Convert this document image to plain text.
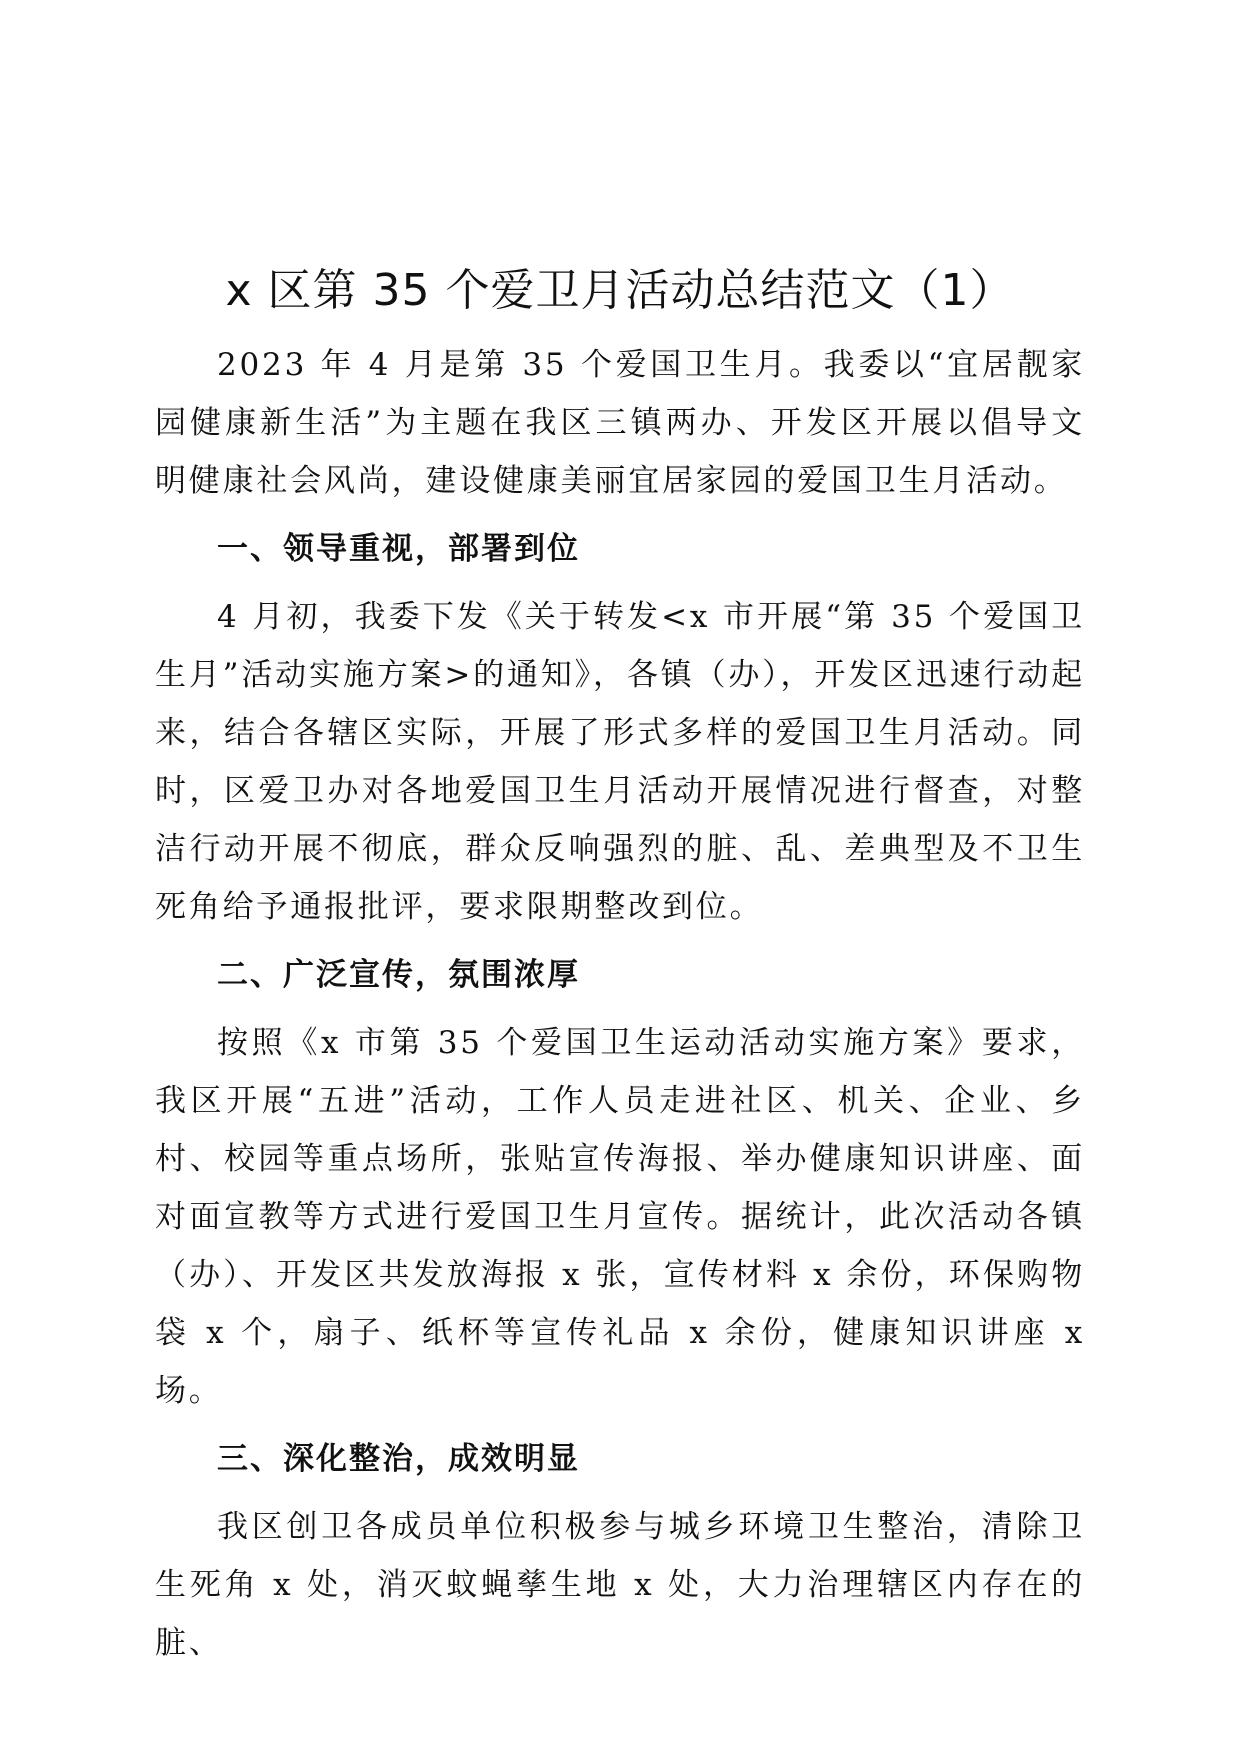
x 区第 35 个爱卫月活动总结范文（1）

2023 年 4 月是第 35 个爱国卫生月。我委以“宜居靓家园健康新生活”为主题在我区三镇两办、开发区开展以倡导文明健康社会风尚，建设健康美丽宜居家园的爱国卫生月活动。

一、领导重视，部署到位

4 月初，我委下发《关于转发<x 市开展“第 35 个爱国卫生月”活动实施方案>的通知》，各镇（办），开发区迅速行动起来，结合各辖区实际，开展了形式多样的爱国卫生月活动。同时，区爱卫办对各地爱国卫生月活动开展情况进行督查，对整洁行动开展不彻底，群众反响强烈的脏、乱、差典型及不卫生死角给予通报批评，要求限期整改到位。

二、广泛宣传，氛围浓厚

按照《x 市第 35 个爱国卫生运动活动实施方案》要求，我区开展“五进”活动，工作人员走进社区、机关、企业、乡村、校园等重点场所，张贴宣传海报、举办健康知识讲座、面对面宣教等方式进行爱国卫生月宣传。据统计，此次活动各镇（办）、开发区共发放海报 x 张，宣传材料 x 余份，环保购物袋 x 个，扇子、纸杯等宣传礼品 x 余份，健康知识讲座 x 场。

三、深化整治，成效明显

我区创卫各成员单位积极参与城乡环境卫生整治，清除卫生死角 x 处，消灭蚊蝇孳生地 x 处，大力治理辖区内存在的脏、
